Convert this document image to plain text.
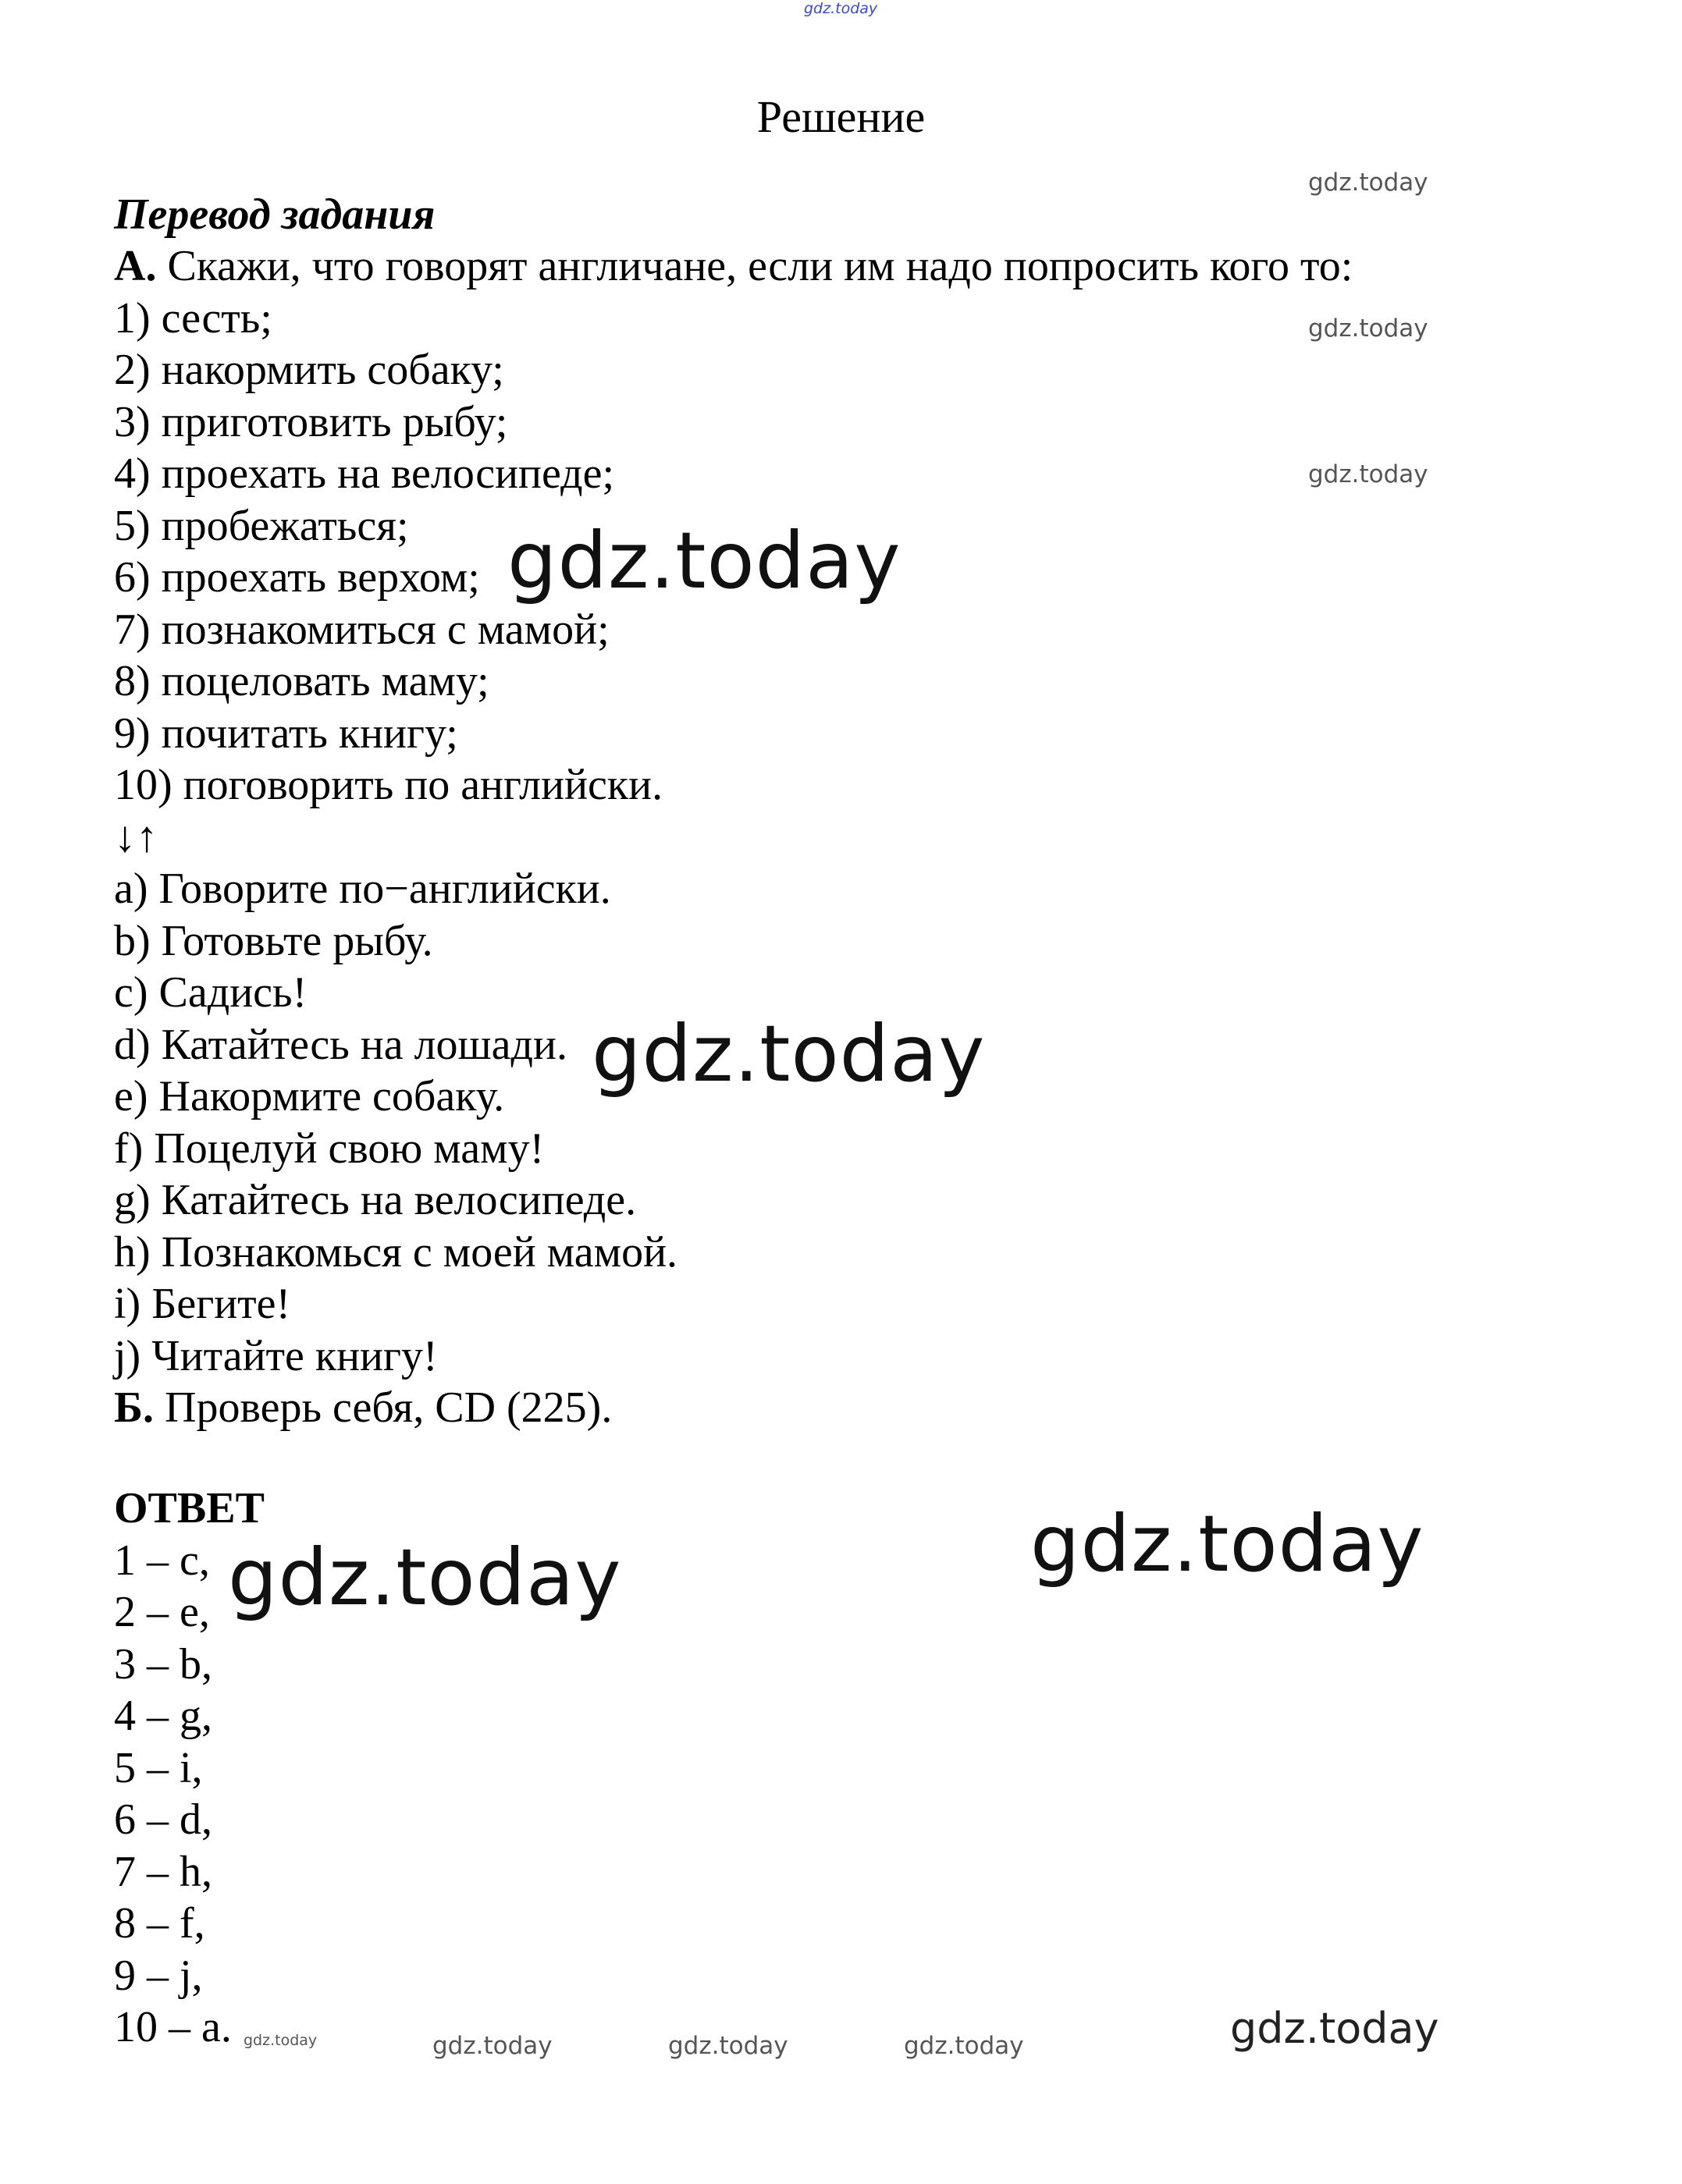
gdz.today
Решение
Перевод задания
А. Скажи, что говорят англичане, если им надо попросить кого то:
1) сесть;
2) накормить собаку;
3) приготовить рыбу;
4) проехать на велосипеде;
5) пробежаться;
6) проехать верхом;
7) познакомиться с мамой;
8) поцеловать маму;
9) почитать книгу;
10) поговорить по английски.
↓↑
a) Говорите по−английски.
b) Готовьте рыбу.
c) Садись!
d) Катайтесь на лошади.
e) Накормите собаку.
f) Поцелуй свою маму!
g) Катайтесь на велосипеде.
h) Познакомься с моей мамой.
i) Бегите!
j) Читайте книгу!
Б. Проверь себя, CD (225).
ОТВЕТ
1 – c,
2 – e,
3 – b,
4 – g,
5 – i,
6 – d,
7 – h,
8 – f,
9 – j,
10 – a.
gdz.today
gdz.today
gdz.today
gdz.today
gdz.today
gdz.today
gdz.today
gdz.today
gdz.today	gdz.today	gdz.today	gdz.today
